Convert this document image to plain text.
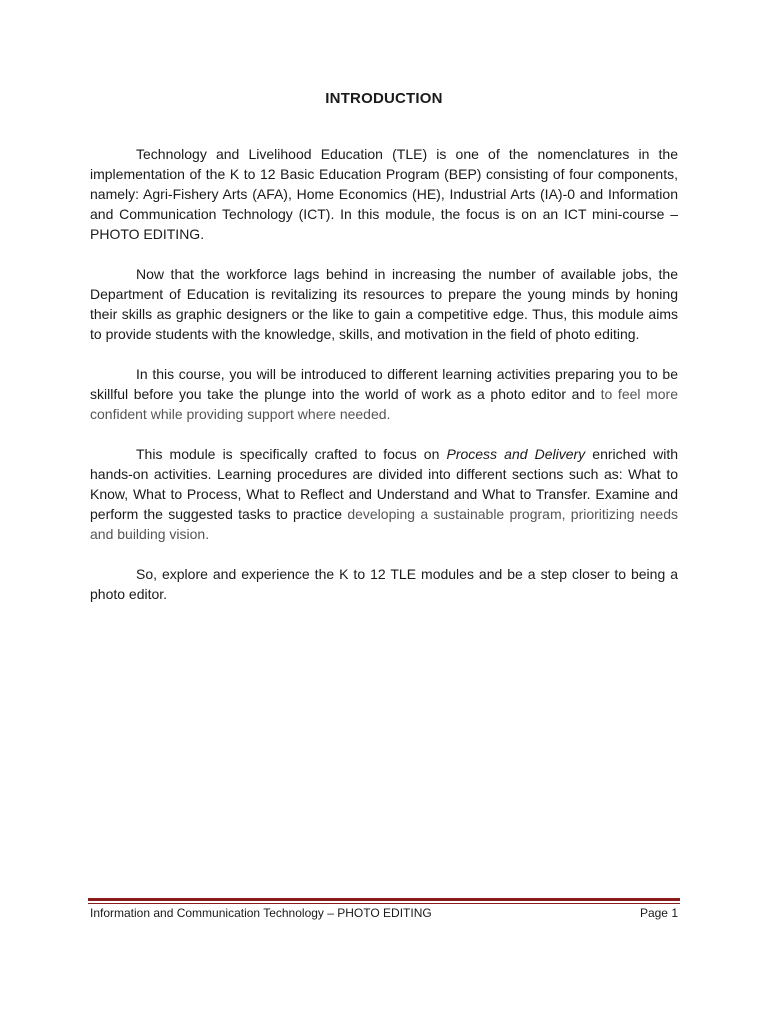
INTRODUCTION

Technology and Livelihood Education (TLE) is one of the nomenclatures in the implementation of the K to 12 Basic Education Program (BEP) consisting of four components, namely: Agri-Fishery Arts (AFA), Home Economics (HE), Industrial Arts (IA)-0 and Information and Communication Technology (ICT). In this module, the focus is on an ICT mini-course – PHOTO EDITING.

Now that the workforce lags behind in increasing the number of available jobs, the Department of Education is revitalizing its resources to prepare the young minds by honing their skills as graphic designers or the like to gain a competitive edge. Thus, this module aims to provide students with the knowledge, skills, and motivation in the field of photo editing.

In this course, you will be introduced to different learning activities preparing you to be skillful before you take the plunge into the world of work as a photo editor and to feel more confident while providing support where needed.

This module is specifically crafted to focus on Process and Delivery enriched with hands-on activities. Learning procedures are divided into different sections such as: What to Know, What to Process, What to Reflect and Understand and What to Transfer. Examine and perform the suggested tasks to practice developing a sustainable program, prioritizing needs and building vision.

So, explore and experience the K to 12 TLE modules and be a step closer to being a photo editor.

Information and Communication Technology – PHOTO EDITING	Page 1
